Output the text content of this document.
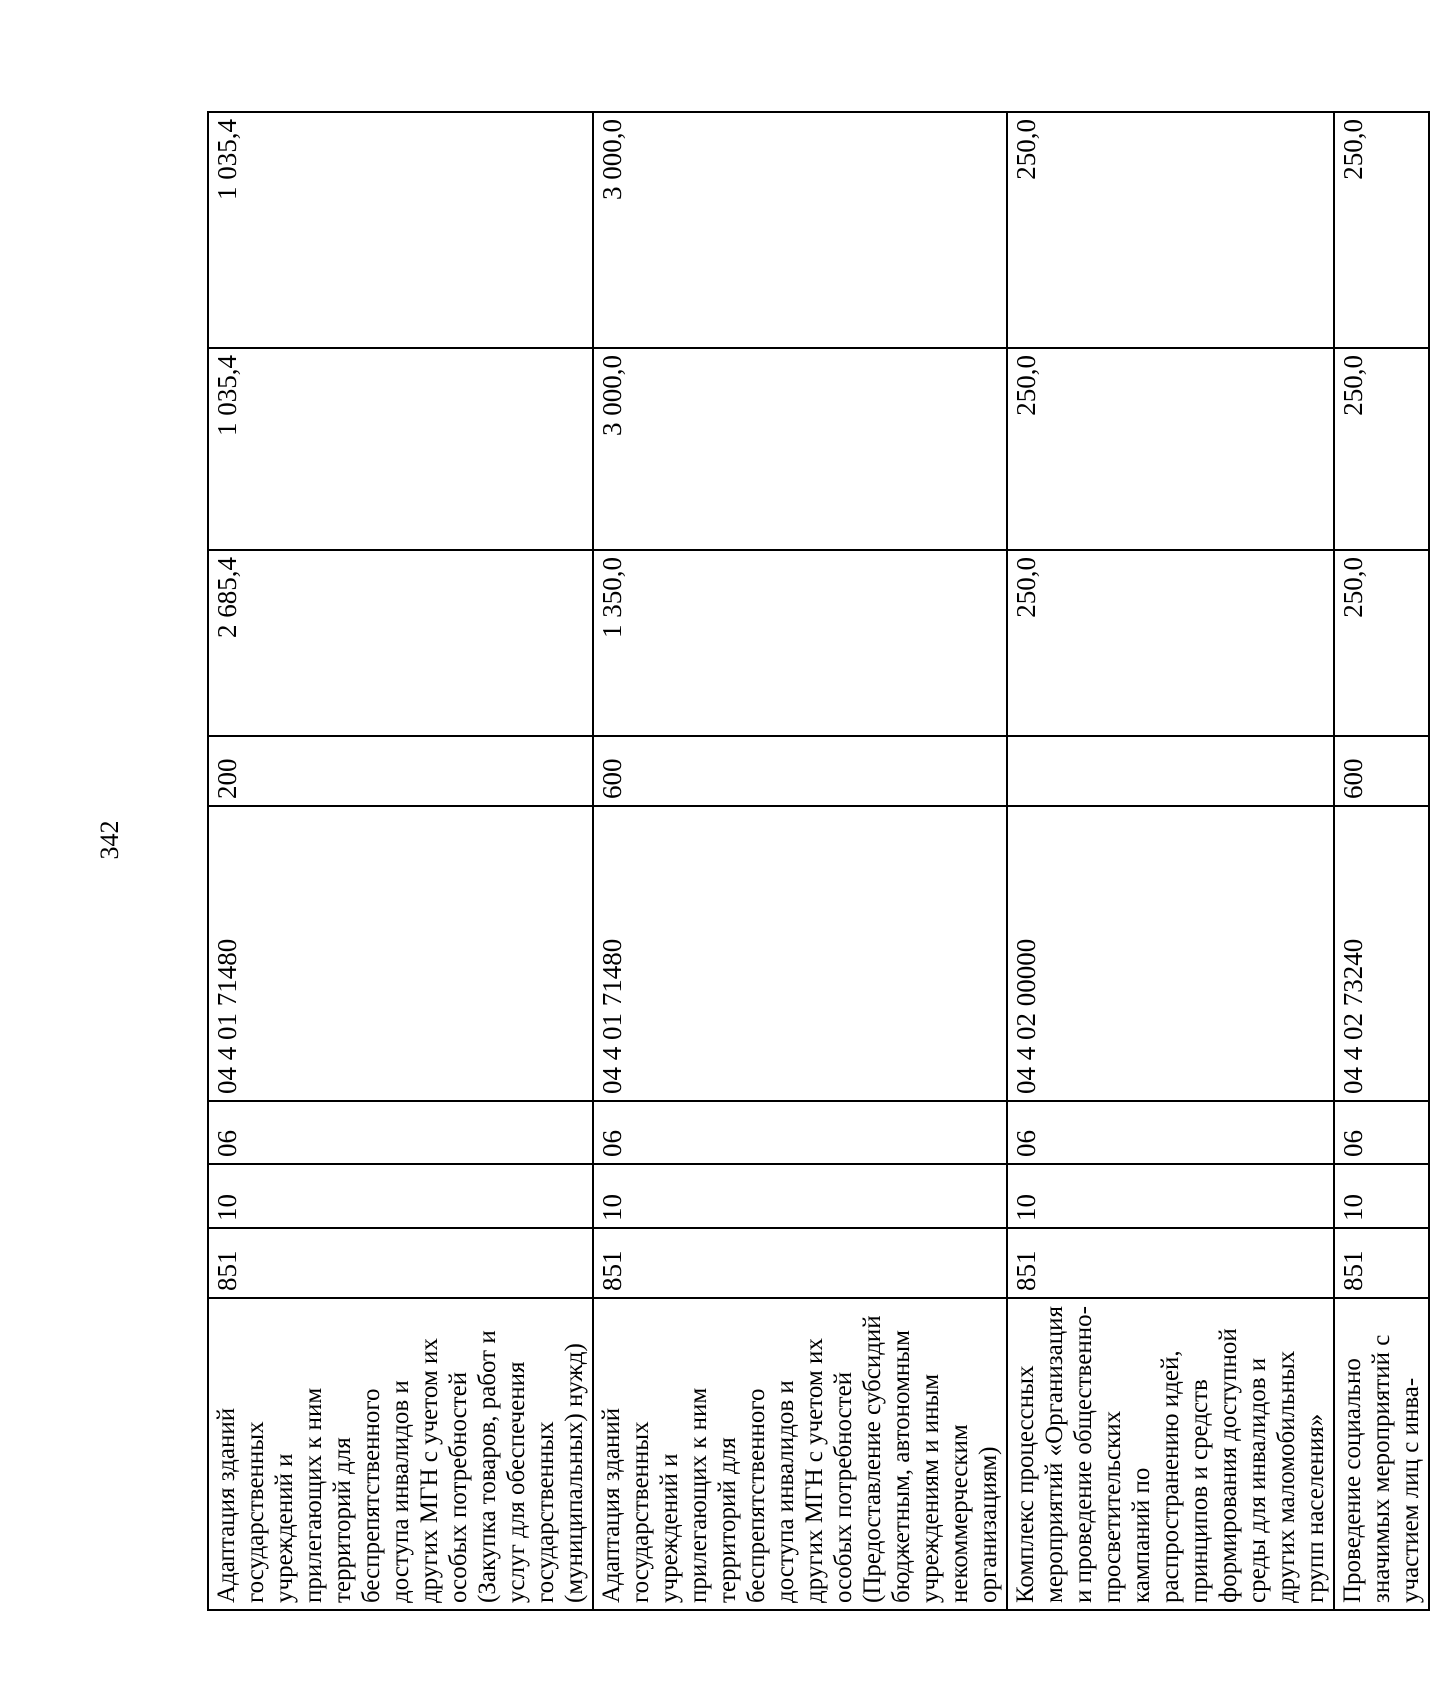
342
Адаптация зданий государственных учреждений и прилегающих к ним территорий для беспрепятственного доступа инвалидов и других МГН с учетом их особых потребностей (Закупка товаров, работ и услуг для обеспечения государственных (муниципальных) нужд)	851	10	06	04 4 01 71480	200	2 685,4	1 035,4	1 035,4
Адаптация зданий государственных учреждений и прилегающих к ним территорий для беспрепятственного доступа инвалидов и других МГН с учетом их особых потребностей (Предоставление субсидий бюджетным, автономным учреждениям и иным некоммерческим организациям)	851	10	06	04 4 01 71480	600	1 350,0	3 000,0	3 000,0
Комплекс процессных мероприятий «Организация и проведение общественно-просветительских кампаний по распространению идей, принципов и средств формирования доступной среды для инвалидов и других маломобильных групп населения»	851	10	06	04 4 02 00000		250,0	250,0	250,0
Проведение социально значимых мероприятий с участием лиц с инва-	851	10	06	04 4 02 73240	600	250,0	250,0	250,0
